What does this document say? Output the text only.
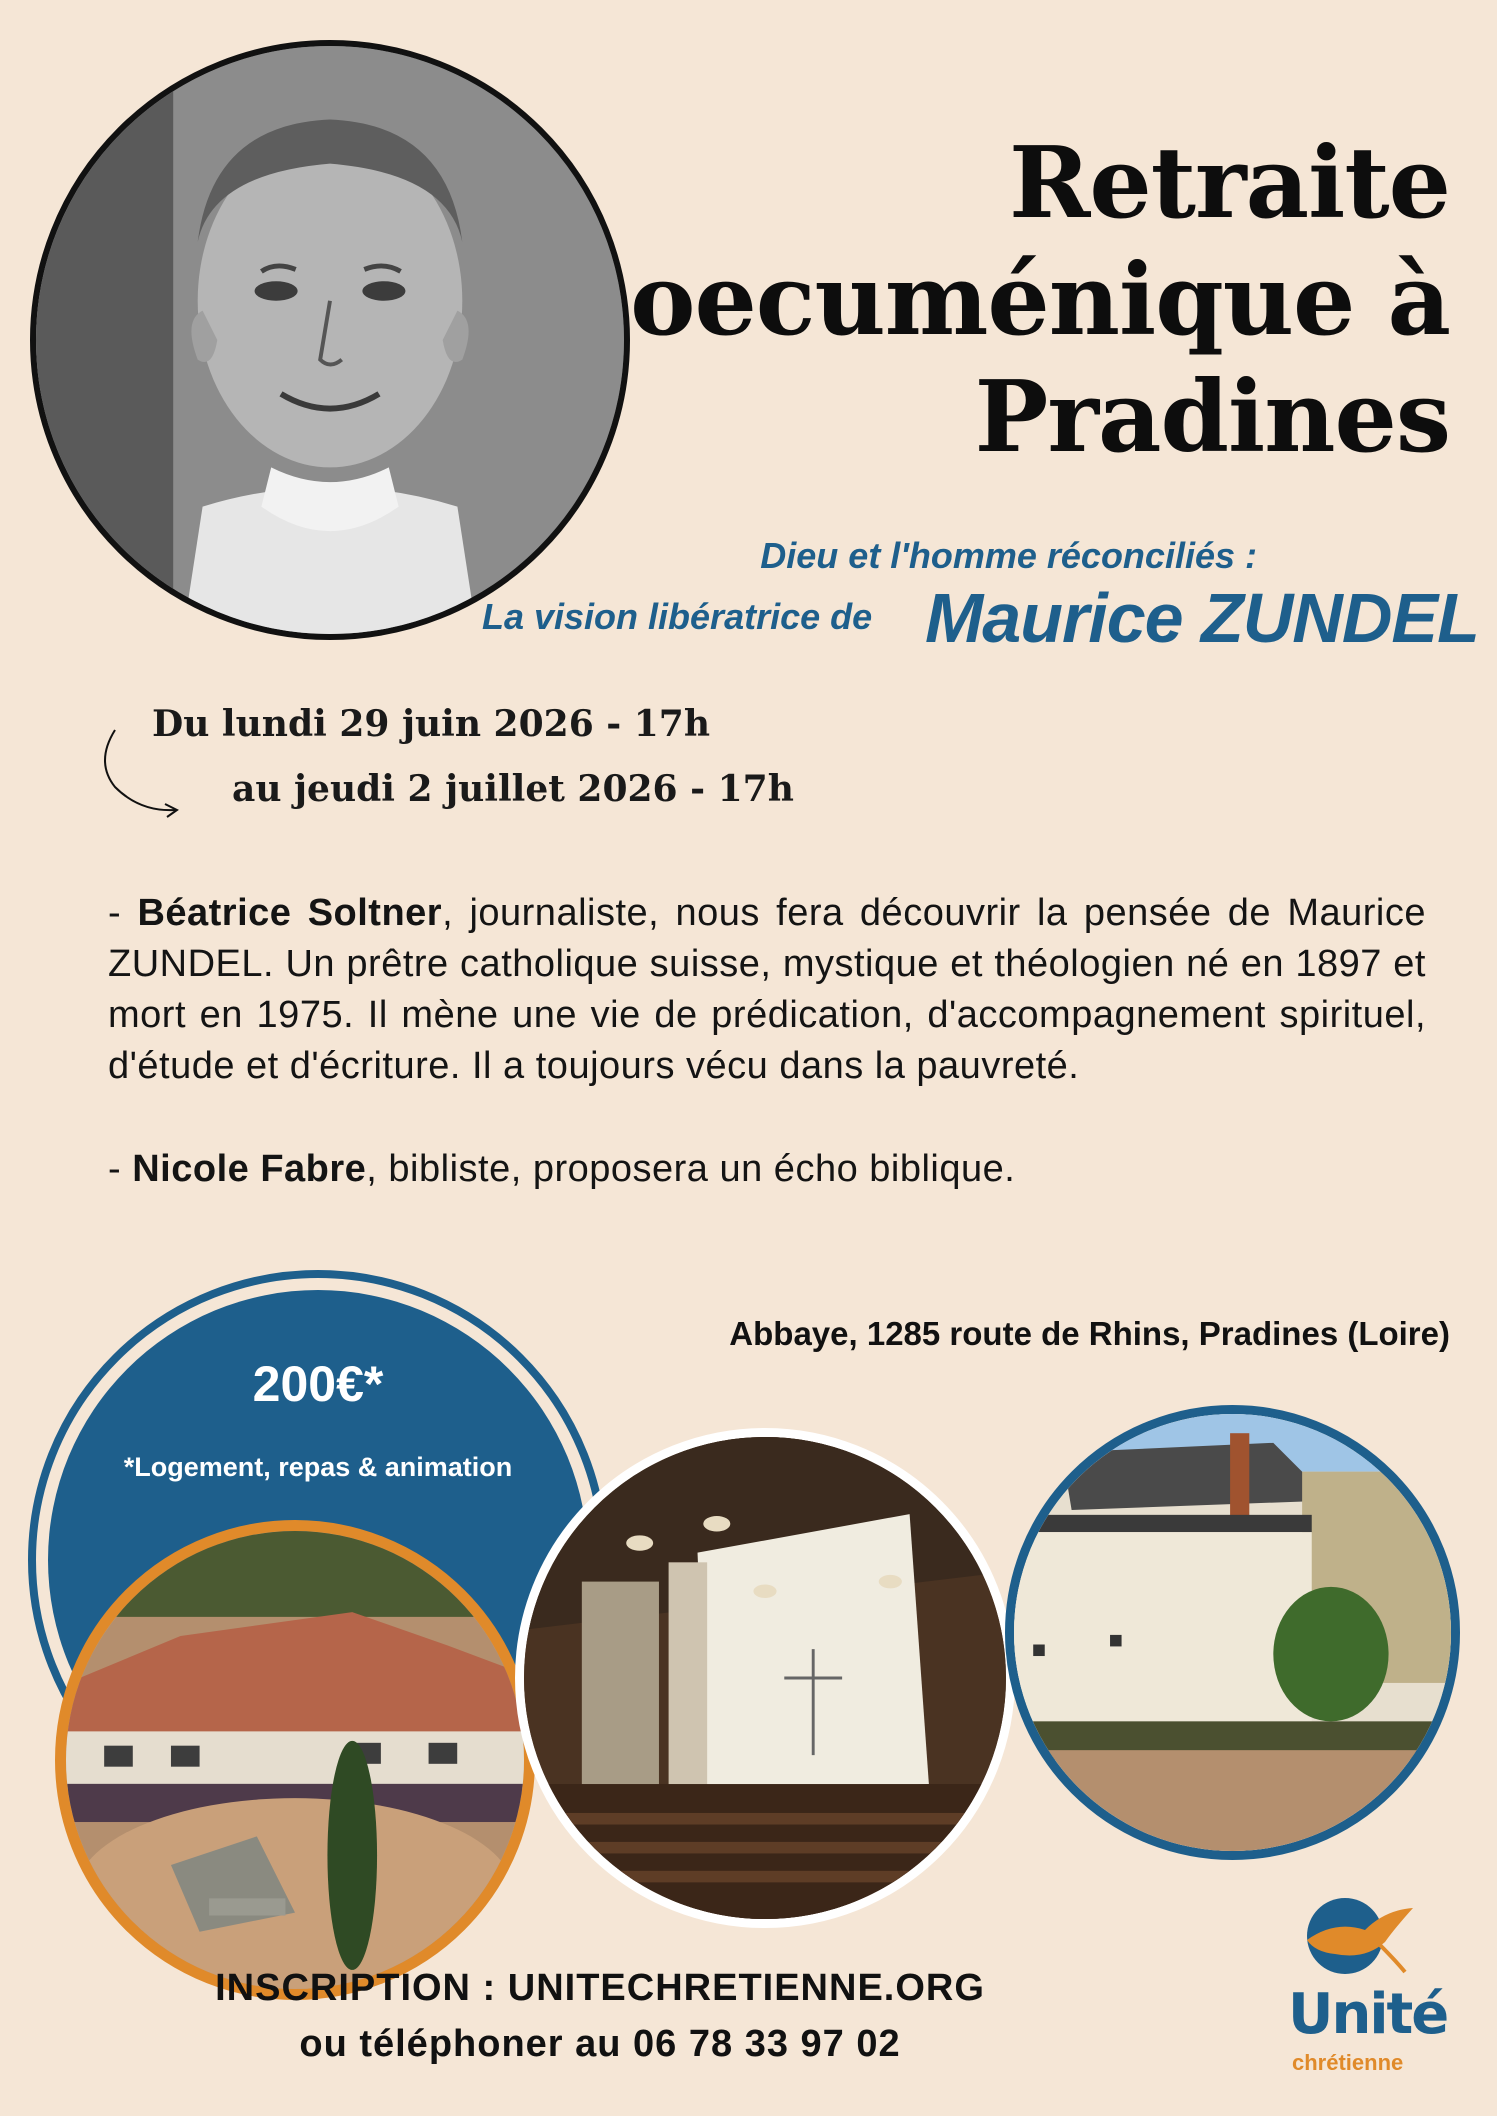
Retraite
oecuménique à
Pradines
Dieu et l'homme réconciliés :
La vision libératrice de Maurice ZUNDEL
Du lundi 29 juin 2026 - 17h
au jeudi 2 juillet 2026 - 17h

- Béatrice Soltner, journaliste, nous fera découvrir la pensée de Maurice ZUNDEL. Un prêtre catholique suisse, mystique et théologien né en 1897 et mort en 1975. Il mène une vie de prédication, d'accompagnement spirituel, d'étude et d'écriture. Il a toujours vécu dans la pauvreté.

- Nicole Fabre, bibliste, proposera un écho biblique.

Abbaye, 1285 route de Rhins, Pradines (Loire)
200€*
*Logement, repas & animation
INSCRIPTION : UNITECHRETIENNE.ORG
ou téléphoner au 06 78 33 97 02	Unité
chrétienne
